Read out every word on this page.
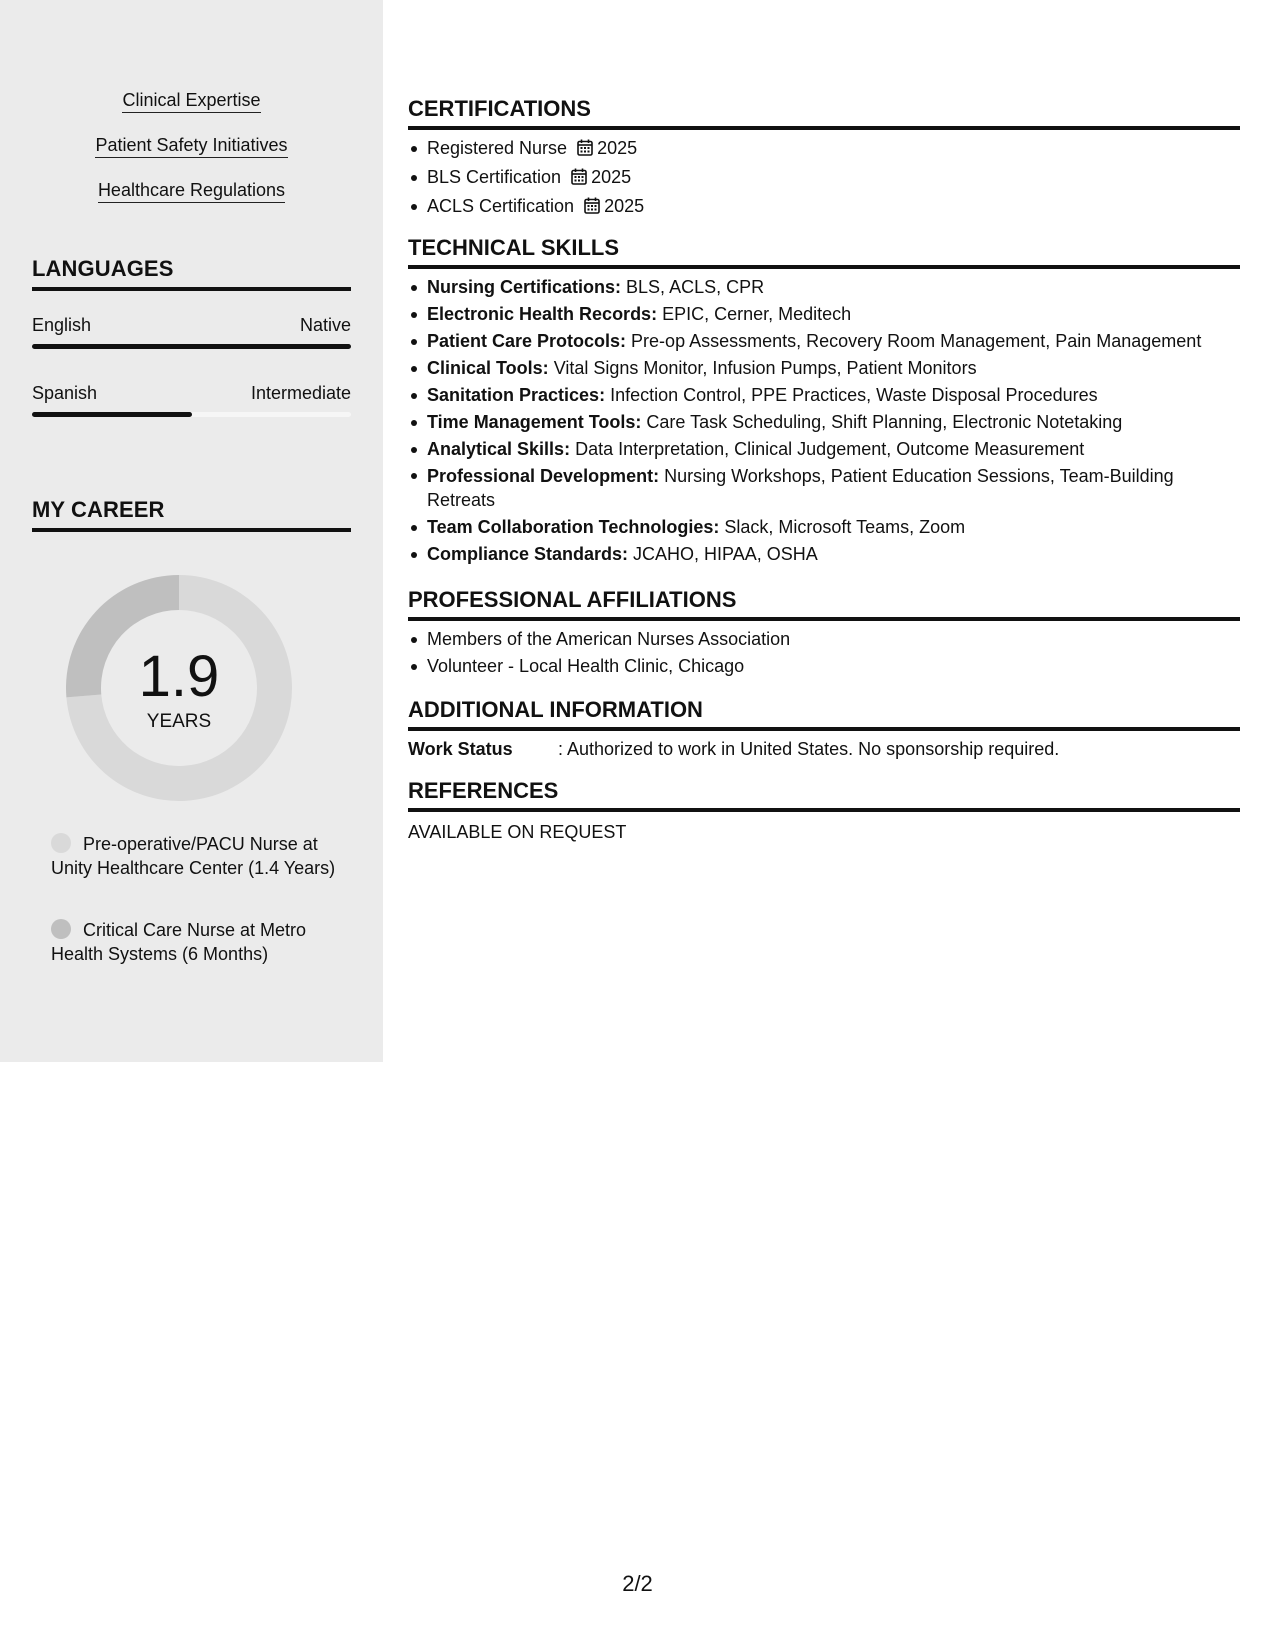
Clinical Expertise
Patient Safety Initiatives
Healthcare Regulations
LANGUAGES
English	Native
Spanish	Intermediate
MY CAREER
1.9
YEARS
Pre-operative/PACU Nurse at Unity Healthcare Center (1.4 Years)
Critical Care Nurse at Metro Health Systems (6 Months)
CERTIFICATIONS
Registered Nurse 2025
BLS Certification 2025
ACLS Certification 2025
TECHNICAL SKILLS
Nursing Certifications: BLS, ACLS, CPR
Electronic Health Records: EPIC, Cerner, Meditech
Patient Care Protocols: Pre-op Assessments, Recovery Room Management, Pain Management
Clinical Tools: Vital Signs Monitor, Infusion Pumps, Patient Monitors
Sanitation Practices: Infection Control, PPE Practices, Waste Disposal Procedures
Time Management Tools: Care Task Scheduling, Shift Planning, Electronic Notetaking
Analytical Skills: Data Interpretation, Clinical Judgement, Outcome Measurement
Professional Development: Nursing Workshops, Patient Education Sessions, Team-Building Retreats
Team Collaboration Technologies: Slack, Microsoft Teams, Zoom
Compliance Standards: JCAHO, HIPAA, OSHA
PROFESSIONAL AFFILIATIONS
Members of the American Nurses Association
Volunteer - Local Health Clinic, Chicago
ADDITIONAL INFORMATION
Work Status	: Authorized to work in United States. No sponsorship required.
REFERENCES
AVAILABLE ON REQUEST
2/2
